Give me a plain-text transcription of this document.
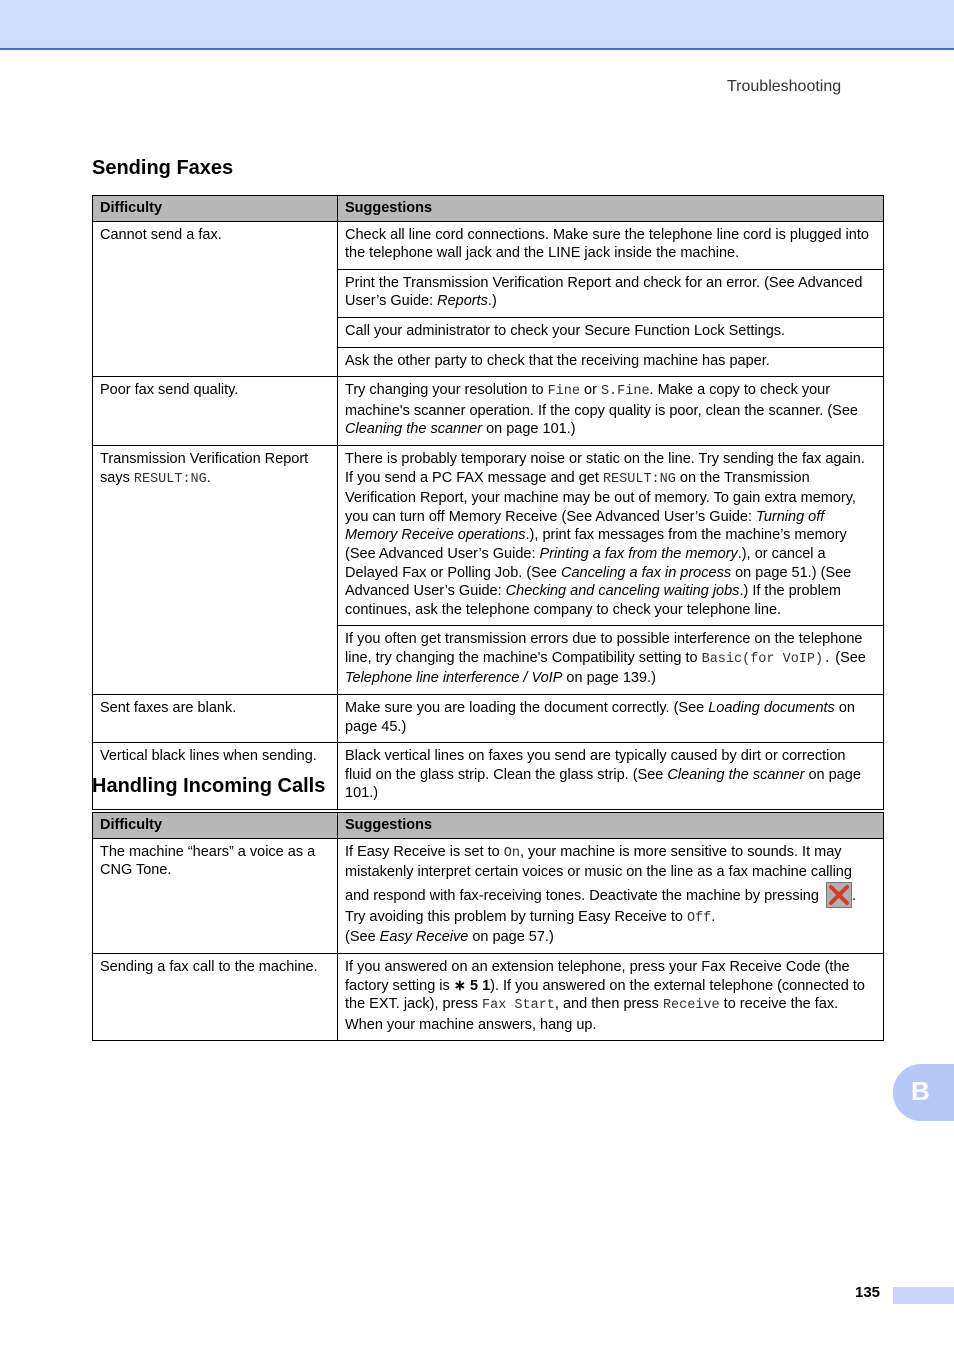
Troubleshooting
Sending Faxes
Difficulty	Suggestions
Cannot send a fax.	Check all line cord connections. Make sure the telephone line cord is plugged into the telephone wall jack and the LINE jack inside the machine.
	Print the Transmission Verification Report and check for an error. (See Advanced User’s Guide: Reports.)
	Call your administrator to check your Secure Function Lock Settings.
	Ask the other party to check that the receiving machine has paper.
Poor fax send quality.	Try changing your resolution to Fine or S.Fine. Make a copy to check your machine's scanner operation. If the copy quality is poor, clean the scanner. (See Cleaning the scanner on page 101.)
Transmission Verification Report says RESULT:NG.	There is probably temporary noise or static on the line. Try sending the fax again. If you send a PC FAX message and get RESULT:NG on the Transmission Verification Report, your machine may be out of memory. To gain extra memory, you can turn off Memory Receive (See Advanced User’s Guide: Turning off Memory Receive operations.), print fax messages from the machine’s memory (See Advanced User’s Guide: Printing a fax from the memory.), or cancel a Delayed Fax or Polling Job. (See Canceling a fax in process on page 51.) (See Advanced User’s Guide: Checking and canceling waiting jobs.) If the problem continues, ask the telephone company to check your telephone line.
	If you often get transmission errors due to possible interference on the telephone line, try changing the machine's Compatibility setting to Basic(for VoIP). (See Telephone line interference / VoIP on page 139.)
Sent faxes are blank.	Make sure you are loading the document correctly. (See Loading documents on page 45.)
Vertical black lines when sending.	Black vertical lines on faxes you send are typically caused by dirt or correction fluid on the glass strip. Clean the glass strip. (See Cleaning the scanner on page 101.)
Handling Incoming Calls
Difficulty	Suggestions
The machine “hears” a voice as a CNG Tone.	If Easy Receive is set to On, your machine is more sensitive to sounds. It may mistakenly interpret certain voices or music on the line as a fax machine calling and respond with fax-receiving tones. Deactivate the machine by pressing .
Try avoiding this problem by turning Easy Receive to Off.
(See Easy Receive on page 57.)
Sending a fax call to the machine.	If you answered on an extension telephone, press your Fax Receive Code (the factory setting is ∗ 5 1). If you answered on the external telephone (connected to the EXT. jack), press Fax Start, and then press Receive to receive the fax. When your machine answers, hang up.
B
135
